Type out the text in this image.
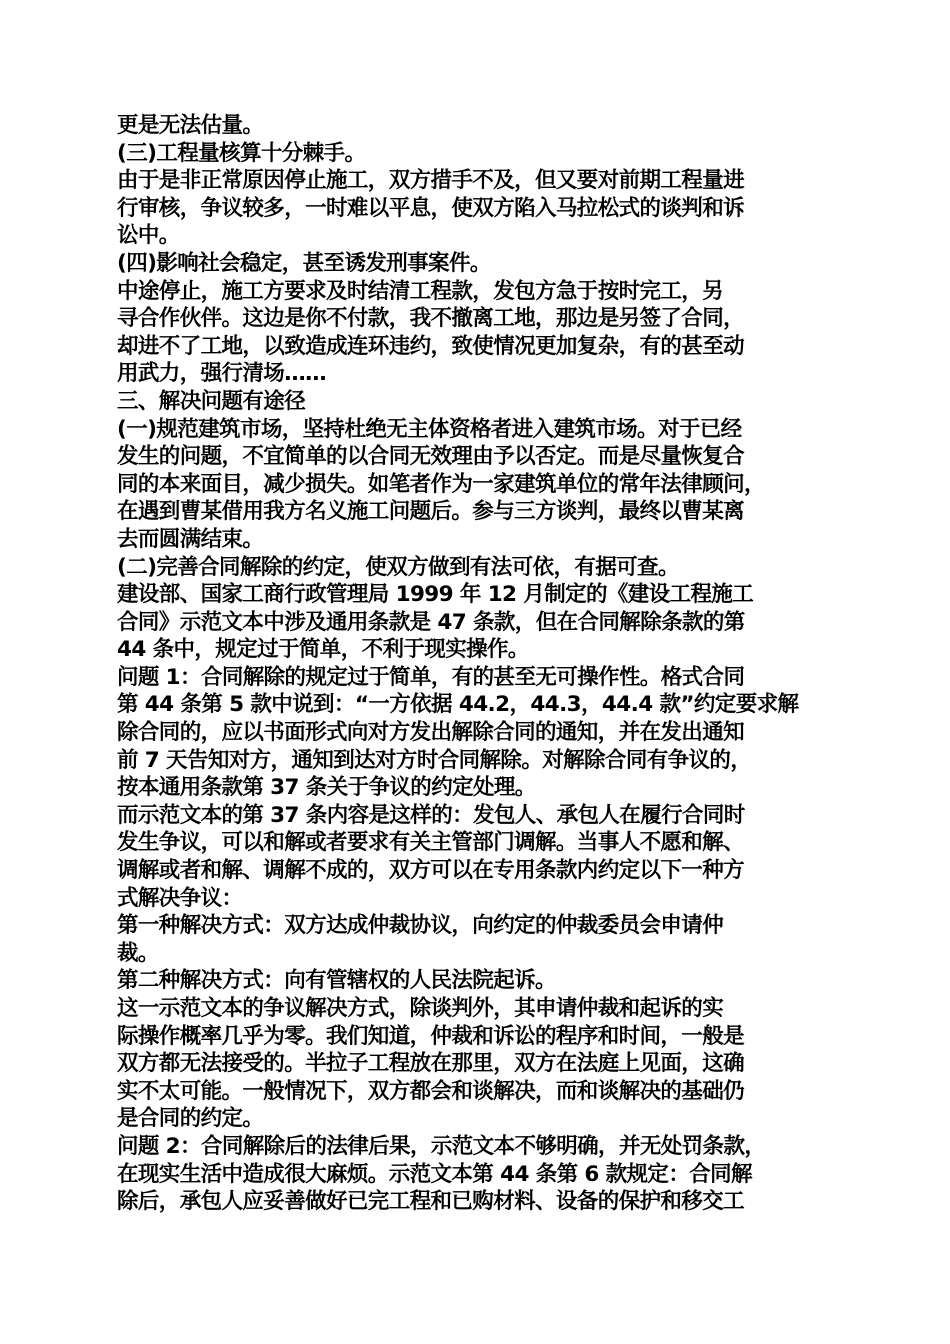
更是无法估量。
(三)工程量核算十分棘手。
由于是非正常原因停止施工，双方措手不及，但又要对前期工程量进
行审核，争议较多，一时难以平息，使双方陷入马拉松式的谈判和诉
讼中。
(四)影响社会稳定，甚至诱发刑事案件。
中途停止，施工方要求及时结清工程款，发包方急于按时完工，另
寻合作伙伴。这边是你不付款，我不撤离工地，那边是另签了合同，
却进不了工地，以致造成连环违约，致使情况更加复杂，有的甚至动
用武力，强行清场……
三、解决问题有途径
(一)规范建筑市场，坚持杜绝无主体资格者进入建筑市场。对于已经
发生的问题，不宜简单的以合同无效理由予以否定。而是尽量恢复合
同的本来面目，减少损失。如笔者作为一家建筑单位的常年法律顾问，
在遇到曹某借用我方名义施工问题后。参与三方谈判，最终以曹某离
去而圆满结束。
(二)完善合同解除的约定，使双方做到有法可依，有据可查。
建设部、国家工商行政管理局 1999 年 12 月制定的《建设工程施工
合同》示范文本中涉及通用条款是 47 条款，但在合同解除条款的第
44 条中，规定过于简单，不利于现实操作。
问题 1：合同解除的规定过于简单，有的甚至无可操作性。格式合同
第 44 条第 5 款中说到：“一方依据 44.2，44.3，44.4 款”约定要求解
除合同的，应以书面形式向对方发出解除合同的通知，并在发出通知
前 7 天告知对方，通知到达对方时合同解除。对解除合同有争议的，
按本通用条款第 37 条关于争议的约定处理。
而示范文本的第 37 条内容是这样的：发包人、承包人在履行合同时
发生争议，可以和解或者要求有关主管部门调解。当事人不愿和解、
调解或者和解、调解不成的，双方可以在专用条款内约定以下一种方
式解决争议：
第一种解决方式：双方达成仲裁协议，向约定的仲裁委员会申请仲
裁。
第二种解决方式：向有管辖权的人民法院起诉。
这一示范文本的争议解决方式，除谈判外，其申请仲裁和起诉的实
际操作概率几乎为零。我们知道，仲裁和诉讼的程序和时间，一般是
双方都无法接受的。半拉子工程放在那里，双方在法庭上见面，这确
实不太可能。一般情况下，双方都会和谈解决，而和谈解决的基础仍
是合同的约定。
问题 2：合同解除后的法律后果，示范文本不够明确，并无处罚条款，
在现实生活中造成很大麻烦。示范文本第 44 条第 6 款规定：合同解
除后，承包人应妥善做好已完工程和已购材料、设备的保护和移交工
